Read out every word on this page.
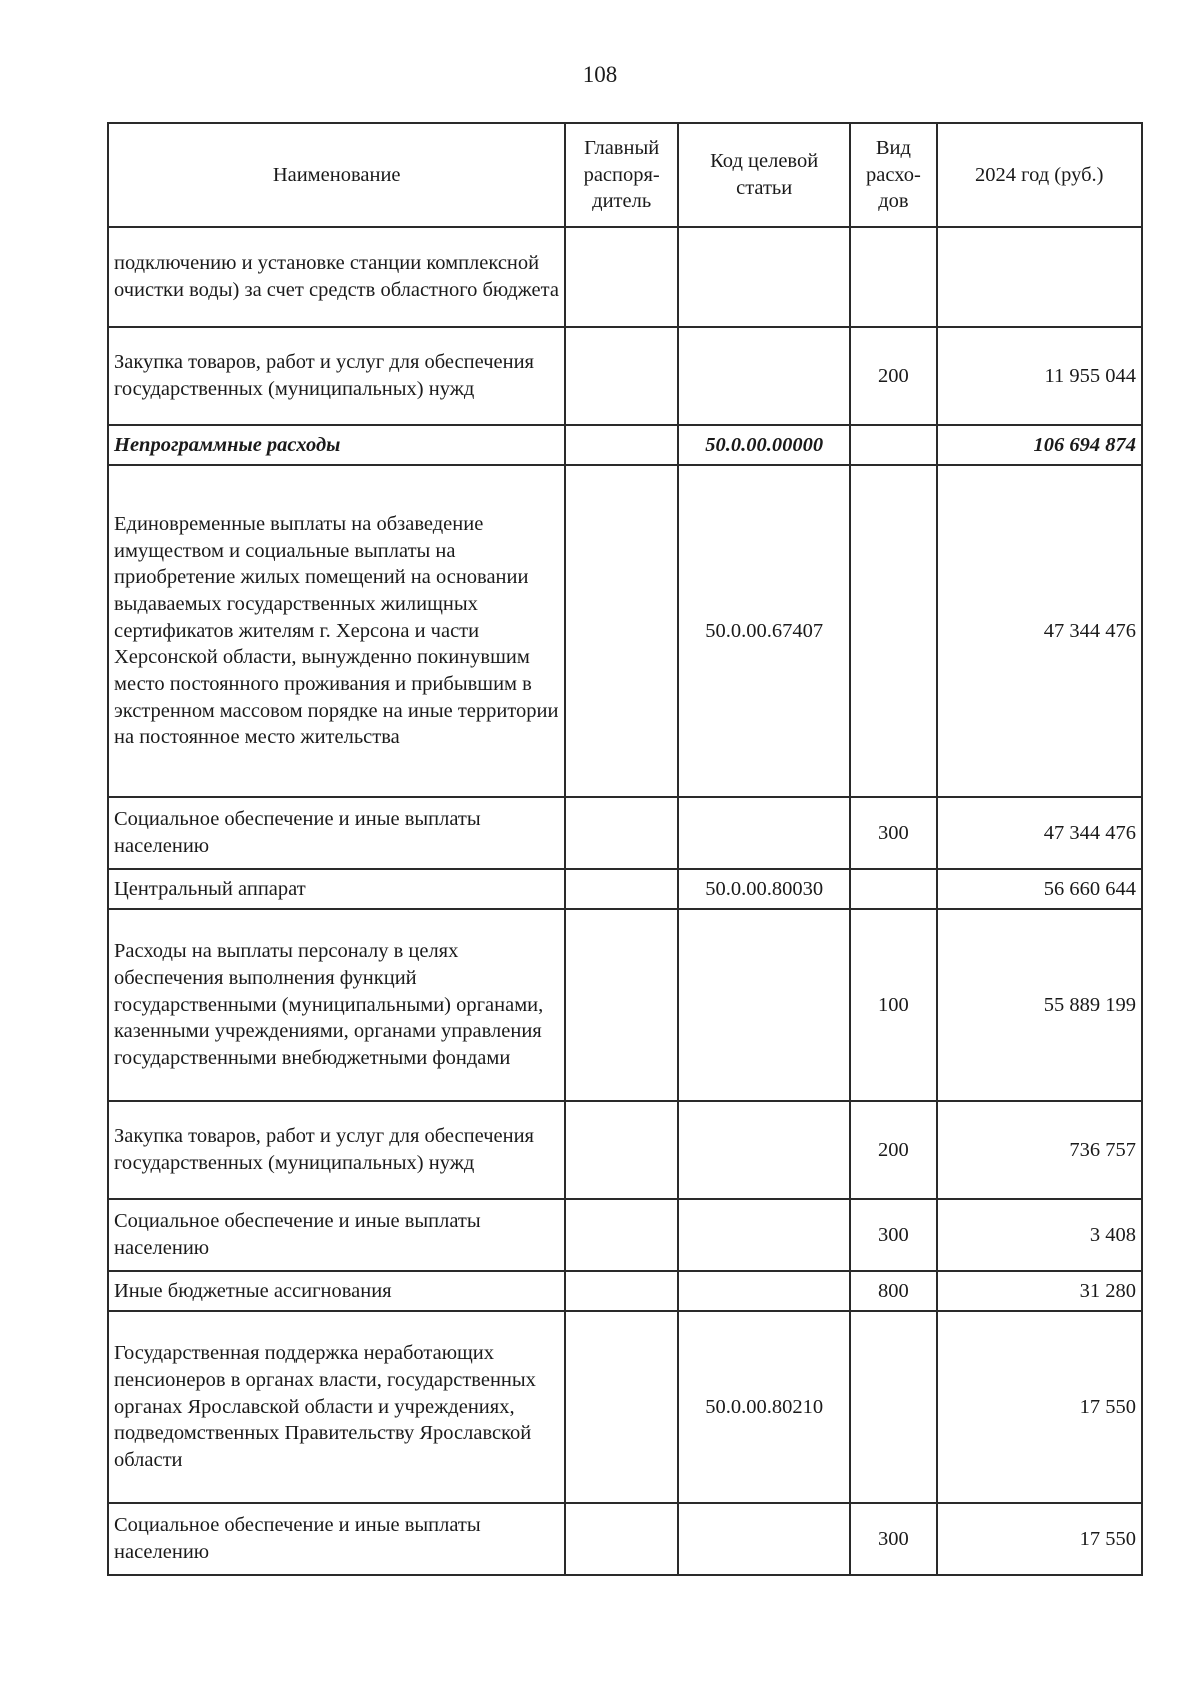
108
Наименование	Главный распоря-дитель	Код целевой статьи	Вид расхо-дов	2024 год (руб.)
подключению и установке станции комплексной очистки воды) за счет средств областного бюджета				
Закупка товаров, работ и услуг для обеспечения государственных (муниципальных) нужд			200	11 955 044
Непрограммные расходы		50.0.00.00000		106 694 874
Единовременные выплаты на обзаведение имуществом и социальные выплаты на приобретение жилых помещений на основании выдаваемых государственных жилищных сертификатов жителям г. Херсона и части Херсонской области, вынужденно покинувшим место постоянного проживания и прибывшим в экстренном массовом порядке на иные территории на постоянное место жительства		50.0.00.67407		47 344 476
Социальное обеспечение и иные выплаты населению			300	47 344 476
Центральный аппарат		50.0.00.80030		56 660 644
Расходы на выплаты персоналу в целях обеспечения выполнения функций государственными (муниципальными) органами, казенными учреждениями, органами управления государственными внебюджетными фондами			100	55 889 199
Закупка товаров, работ и услуг для обеспечения государственных (муниципальных) нужд			200	736 757
Социальное обеспечение и иные выплаты населению			300	3 408
Иные бюджетные ассигнования			800	31 280
Государственная поддержка неработающих пенсионеров в органах власти, государственных органах Ярославской области и учреждениях, подведомственных Правительству Ярославской области		50.0.00.80210		17 550
Социальное обеспечение и иные выплаты населению			300	17 550
